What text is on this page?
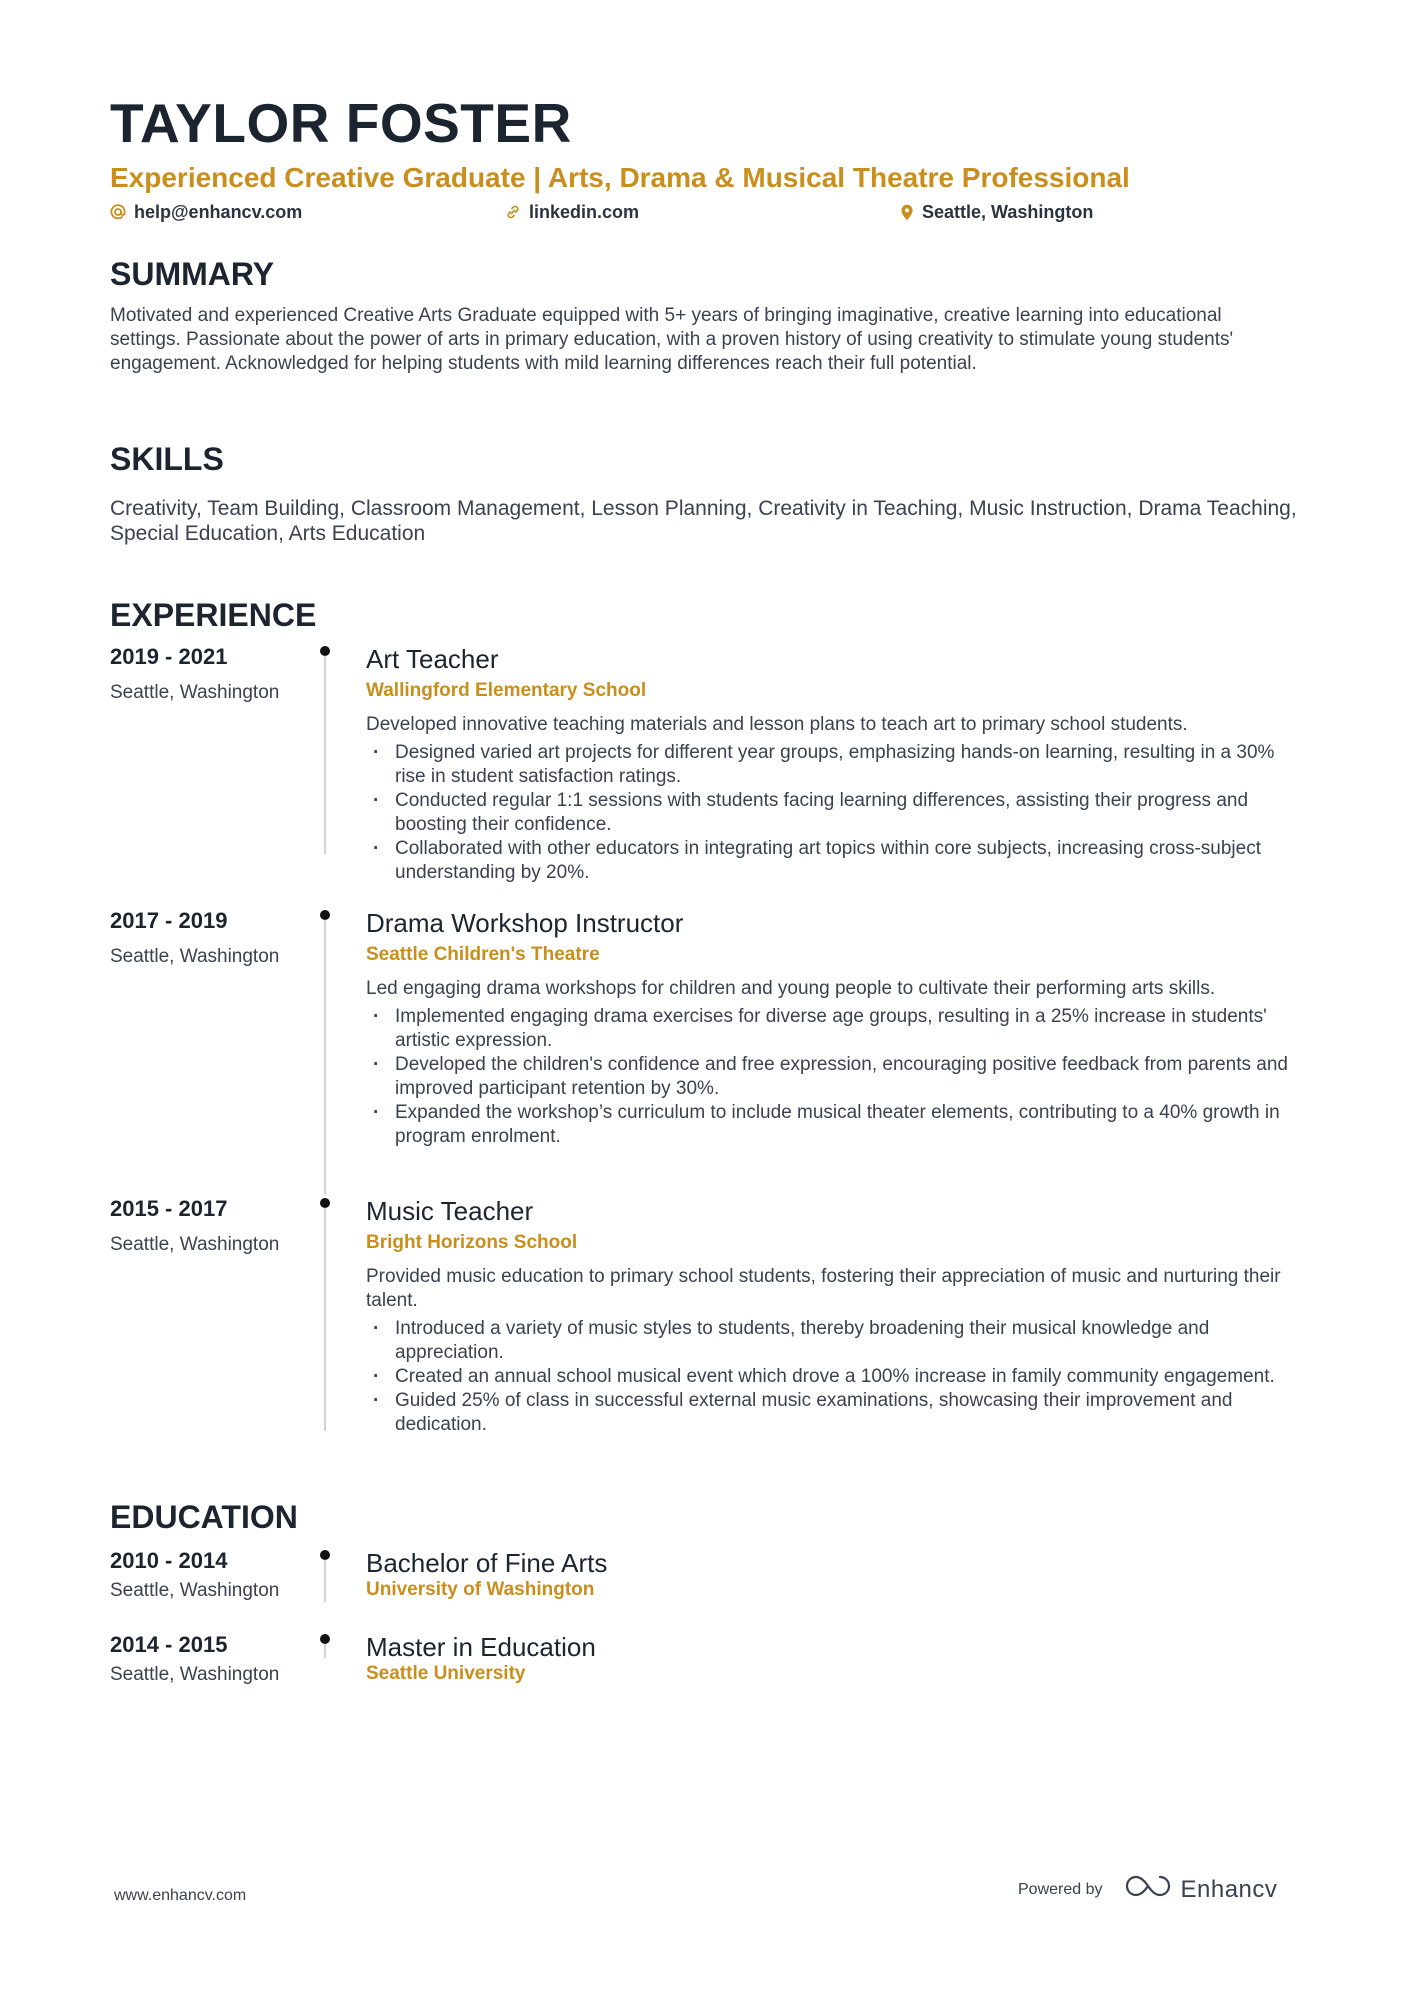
TAYLOR FOSTER
Experienced Creative Graduate | Arts, Drama & Musical Theatre Professional
help@enhancv.com	linkedin.com	Seattle, Washington
SUMMARY
Motivated and experienced Creative Arts Graduate equipped with 5+ years of bringing imaginative, creative learning into educational settings. Passionate about the power of arts in primary education, with a proven history of using creativity to stimulate young students' engagement. Acknowledged for helping students with mild learning differences reach their full potential.
SKILLS
Creativity, Team Building, Classroom Management, Lesson Planning, Creativity in Teaching, Music Instruction, Drama Teaching, Special Education, Arts Education
EXPERIENCE
2019 - 2021
Seattle, Washington
Art Teacher
Wallingford Elementary School
Developed innovative teaching materials and lesson plans to teach art to primary school students.
· Designed varied art projects for different year groups, emphasizing hands-on learning, resulting in a 30% rise in student satisfaction ratings.
· Conducted regular 1:1 sessions with students facing learning differences, assisting their progress and boosting their confidence.
· Collaborated with other educators in integrating art topics within core subjects, increasing cross-subject understanding by 20%.
2017 - 2019
Seattle, Washington
Drama Workshop Instructor
Seattle Children's Theatre
Led engaging drama workshops for children and young people to cultivate their performing arts skills.
· Implemented engaging drama exercises for diverse age groups, resulting in a 25% increase in students' artistic expression.
· Developed the children's confidence and free expression, encouraging positive feedback from parents and improved participant retention by 30%.
· Expanded the workshop’s curriculum to include musical theater elements, contributing to a 40% growth in program enrolment.
2015 - 2017
Seattle, Washington
Music Teacher
Bright Horizons School
Provided music education to primary school students, fostering their appreciation of music and nurturing their talent.
· Introduced a variety of music styles to students, thereby broadening their musical knowledge and appreciation.
· Created an annual school musical event which drove a 100% increase in family community engagement.
· Guided 25% of class in successful external music examinations, showcasing their improvement and dedication.
EDUCATION
2010 - 2014
Seattle, Washington
Bachelor of Fine Arts
University of Washington
2014 - 2015
Seattle, Washington
Master in Education
Seattle University
www.enhancv.com	Powered by	Enhancv
